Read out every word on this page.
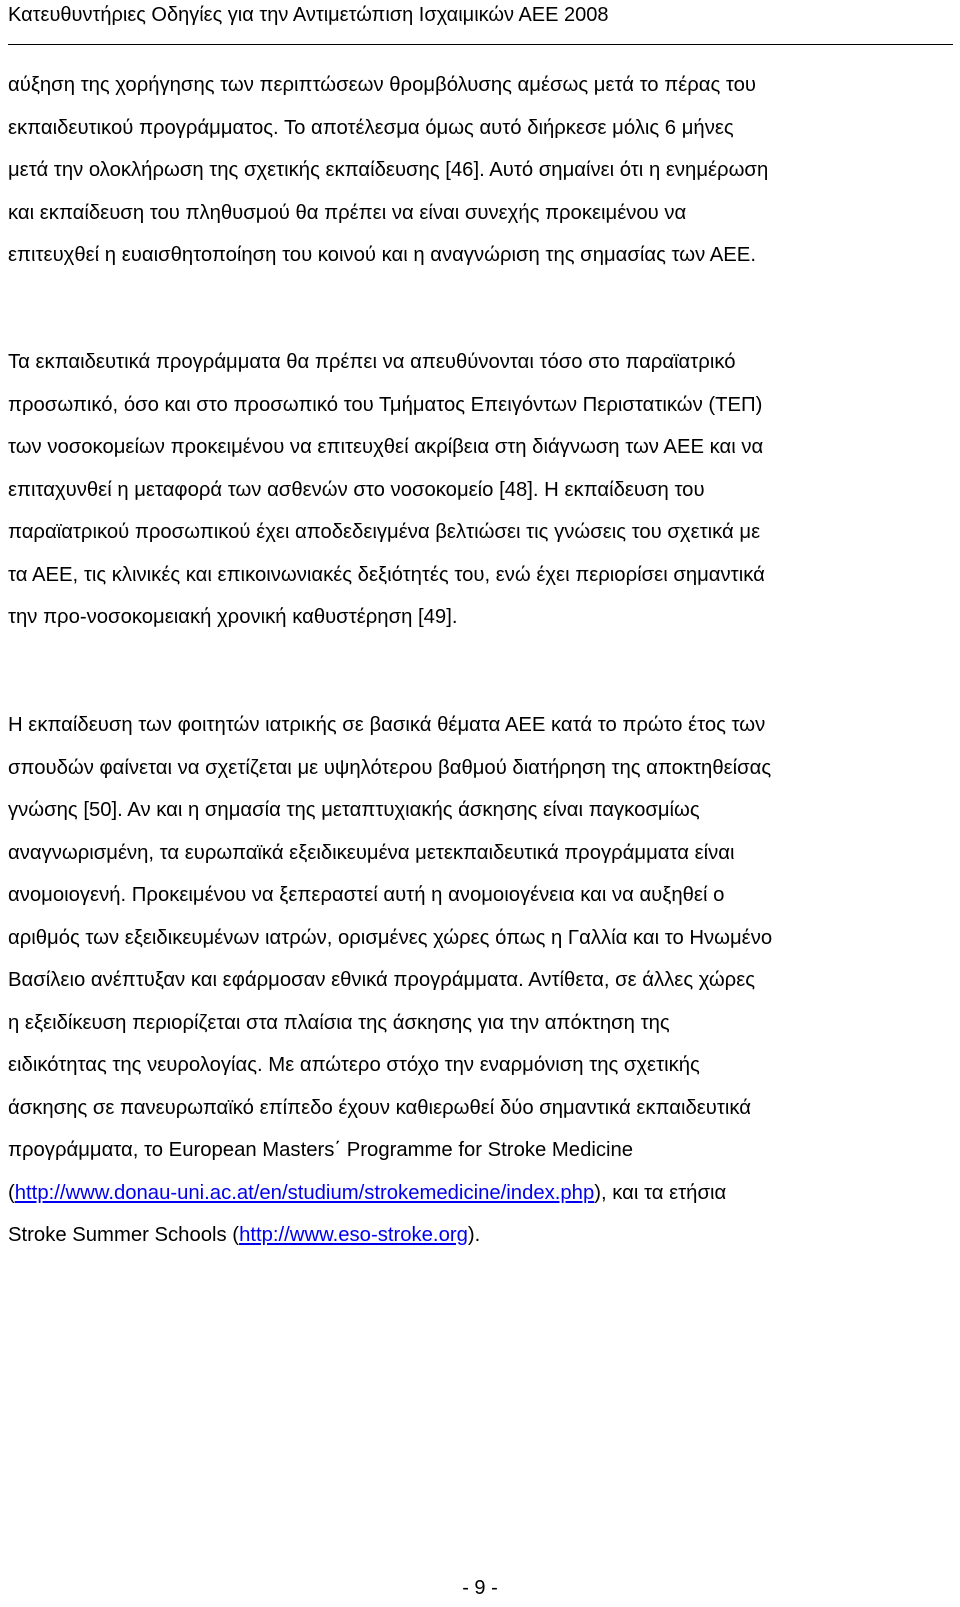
Κατευθυντήριες Οδηγίες για την Αντιμετώπιση Ισχαιμικών ΑΕΕ 2008
αύξηση της χορήγησης των περιπτώσεων θρομβόλυσης αμέσως μετά το πέρας του
εκπαιδευτικού προγράμματος. Το αποτέλεσμα όμως αυτό διήρκεσε μόλις 6 μήνες
μετά την ολοκλήρωση της σχετικής εκπαίδευσης [46]. Αυτό σημαίνει ότι η ενημέρωση
και εκπαίδευση του πληθυσμού θα πρέπει να είναι συνεχής προκειμένου να
επιτευχθεί η ευαισθητοποίηση του κοινού και η αναγνώριση της σημασίας των ΑΕΕ.
Τα εκπαιδευτικά προγράμματα θα πρέπει να απευθύνονται τόσο στο παραϊατρικό
προσωπικό, όσο και στο προσωπικό του Τμήματος Επειγόντων Περιστατικών (ΤΕΠ)
των νοσοκομείων προκειμένου να επιτευχθεί ακρίβεια στη διάγνωση των ΑΕΕ και να
επιταχυνθεί η μεταφορά των ασθενών στο νοσοκομείο [48]. Η εκπαίδευση του
παραϊατρικού προσωπικού έχει αποδεδειγμένα βελτιώσει τις γνώσεις του σχετικά με
τα ΑΕΕ, τις κλινικές και επικοινωνιακές δεξιότητές του, ενώ έχει περιορίσει σημαντικά
την προ-νοσοκομειακή χρονική καθυστέρηση [49].
Η εκπαίδευση των φοιτητών ιατρικής σε βασικά θέματα ΑΕΕ κατά το πρώτο έτος των
σπουδών φαίνεται να σχετίζεται με υψηλότερου βαθμού διατήρηση της αποκτηθείσας
γνώσης [50]. Αν και η σημασία της μεταπτυχιακής άσκησης είναι παγκοσμίως
αναγνωρισμένη, τα ευρωπαϊκά εξειδικευμένα μετεκπαιδευτικά προγράμματα είναι
ανομοιογενή. Προκειμένου να ξεπεραστεί αυτή η ανομοιογένεια και να αυξηθεί ο
αριθμός των εξειδικευμένων ιατρών, ορισμένες χώρες όπως η Γαλλία και το Ηνωμένο
Βασίλειο ανέπτυξαν και εφάρμοσαν εθνικά προγράμματα. Αντίθετα, σε άλλες χώρες
η εξειδίκευση περιορίζεται στα πλαίσια της άσκησης για την απόκτηση της
ειδικότητας της νευρολογίας. Με απώτερο στόχο την εναρμόνιση της σχετικής
άσκησης σε πανευρωπαϊκό επίπεδο έχουν καθιερωθεί δύο σημαντικά εκπαιδευτικά
προγράμματα, το European Masters΄ Programme for Stroke Medicine
(http://www.donau-uni.ac.at/en/studium/strokemedicine/index.php), και τα ετήσια
Stroke Summer Schools (http://www.eso-stroke.org).
- 9 -
